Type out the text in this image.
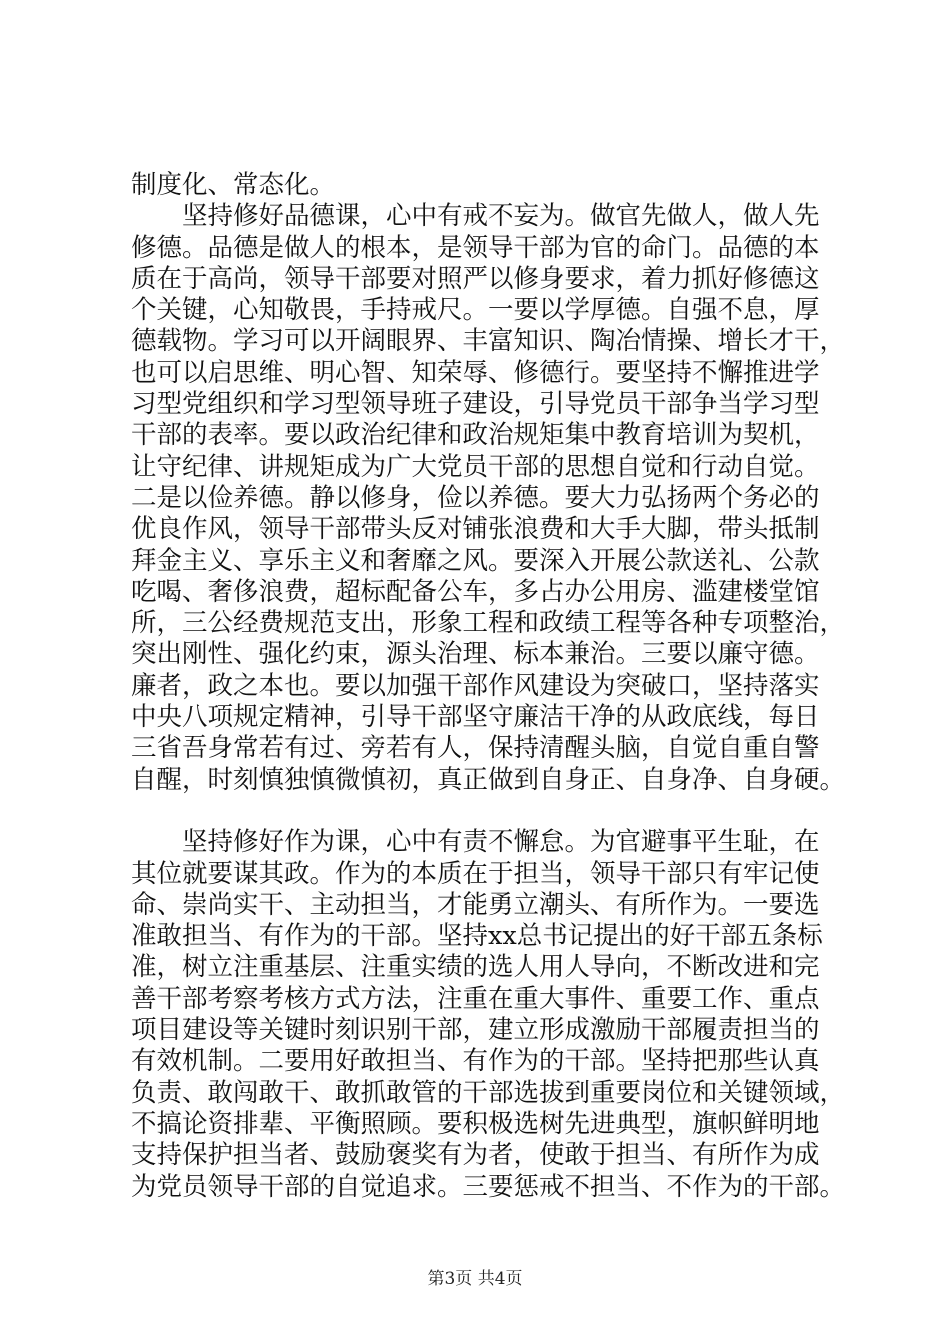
制度化、常态化。
　　坚持修好品德课，心中有戒不妄为。做官先做人，做人先
修德。品德是做人的根本，是领导干部为官的命门。品德的本
质在于高尚，领导干部要对照严以修身要求，着力抓好修德这
个关键，心知敬畏，手持戒尺。一要以学厚德。自强不息，厚
德载物。学习可以开阔眼界、丰富知识、陶冶情操、增长才干，
也可以启思维、明心智、知荣辱、修德行。要坚持不懈推进学
习型党组织和学习型领导班子建设，引导党员干部争当学习型
干部的表率。要以政治纪律和政治规矩集中教育培训为契机，
让守纪律、讲规矩成为广大党员干部的思想自觉和行动自觉。
二是以俭养德。静以修身，俭以养德。要大力弘扬两个务必的
优良作风，领导干部带头反对铺张浪费和大手大脚，带头抵制
拜金主义、享乐主义和奢靡之风。要深入开展公款送礼、公款
吃喝、奢侈浪费，超标配备公车，多占办公用房、滥建楼堂馆
所，三公经费规范支出，形象工程和政绩工程等各种专项整治，
突出刚性、强化约束，源头治理、标本兼治。三要以廉守德。
廉者，政之本也。要以加强干部作风建设为突破口，坚持落实
中央八项规定精神，引导干部坚守廉洁干净的从政底线，每日
三省吾身常若有过、旁若有人，保持清醒头脑，自觉自重自警
自醒，时刻慎独慎微慎初，真正做到自身正、自身净、自身硬。
　　坚持修好作为课，心中有责不懈怠。为官避事平生耻，在
其位就要谋其政。作为的本质在于担当，领导干部只有牢记使
命、崇尚实干、主动担当，才能勇立潮头、有所作为。一要选
准敢担当、有作为的干部。坚持xx总书记提出的好干部五条标
准，树立注重基层、注重实绩的选人用人导向，不断改进和完
善干部考察考核方式方法，注重在重大事件、重要工作、重点
项目建设等关键时刻识别干部，建立形成激励干部履责担当的
有效机制。二要用好敢担当、有作为的干部。坚持把那些认真
负责、敢闯敢干、敢抓敢管的干部选拔到重要岗位和关键领域，
不搞论资排辈、平衡照顾。要积极选树先进典型，旗帜鲜明地
支持保护担当者、鼓励褒奖有为者，使敢于担当、有所作为成
为党员领导干部的自觉追求。三要惩戒不担当、不作为的干部。
第3页 共4页
